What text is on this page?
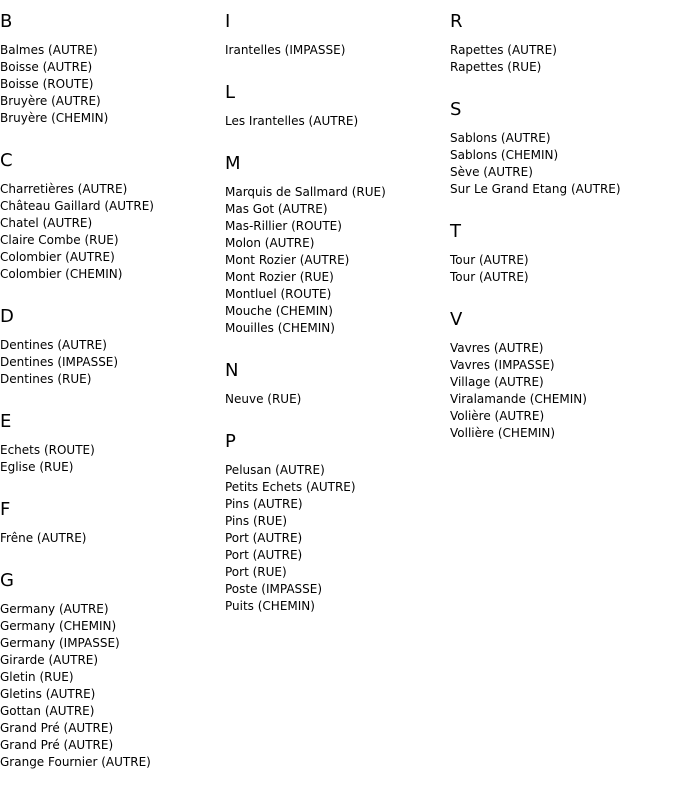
B
Balmes (AUTRE)
Boisse (AUTRE)
Boisse (ROUTE)
Bruyère (AUTRE)
Bruyère (CHEMIN)
C
Charretières (AUTRE)
Château Gaillard (AUTRE)
Chatel (AUTRE)
Claire Combe (RUE)
Colombier (AUTRE)
Colombier (CHEMIN)
D
Dentines (AUTRE)
Dentines (IMPASSE)
Dentines (RUE)
E
Echets (ROUTE)
Eglise (RUE)
F
Frêne (AUTRE)
G
Germany (AUTRE)
Germany (CHEMIN)
Germany (IMPASSE)
Girarde (AUTRE)
Gletin (RUE)
Gletins (AUTRE)
Gottan (AUTRE)
Grand Pré (AUTRE)
Grand Pré (AUTRE)
Grange Fournier (AUTRE)
I
Irantelles (IMPASSE)
L
Les Irantelles (AUTRE)
M
Marquis de Sallmard (RUE)
Mas Got (AUTRE)
Mas-Rillier (ROUTE)
Molon (AUTRE)
Mont Rozier (AUTRE)
Mont Rozier (RUE)
Montluel (ROUTE)
Mouche (CHEMIN)
Mouilles (CHEMIN)
N
Neuve (RUE)
P
Pelusan (AUTRE)
Petits Echets (AUTRE)
Pins (AUTRE)
Pins (RUE)
Port (AUTRE)
Port (AUTRE)
Port (RUE)
Poste (IMPASSE)
Puits (CHEMIN)
R
Rapettes (AUTRE)
Rapettes (RUE)
S
Sablons (AUTRE)
Sablons (CHEMIN)
Sève (AUTRE)
Sur Le Grand Etang (AUTRE)
T
Tour (AUTRE)
Tour (AUTRE)
V
Vavres (AUTRE)
Vavres (IMPASSE)
Village (AUTRE)
Viralamande (CHEMIN)
Volière (AUTRE)
Vollière (CHEMIN)
